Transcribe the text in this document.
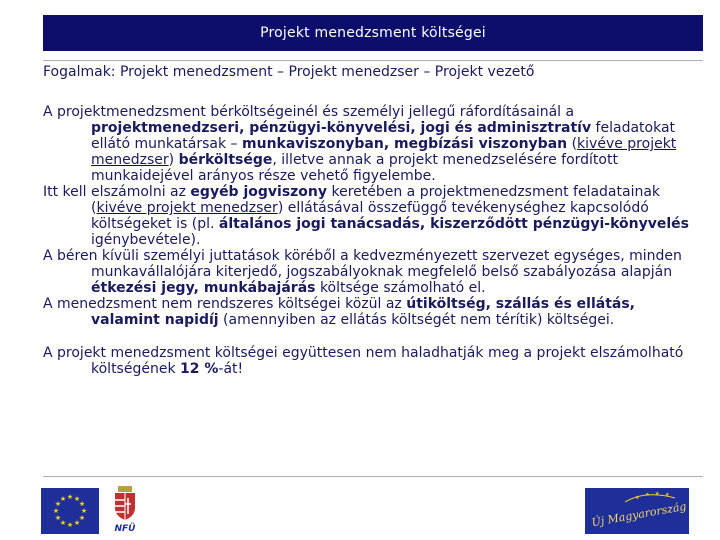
Projekt menedzsment költségei

Fogalmak: Projekt menedzsment – Projekt menedzser – Projekt vezető

A projektmenedzsment bérköltségeinél és személyi jellegű ráfordításainál a projektmenedzseri, pénzügyi-könyvelési, jogi és adminisztratív feladatokat ellátó munkatársak – munkaviszonyban, megbízási viszonyban (kivéve projekt menedzser) bérköltsége, illetve annak a projekt menedzselésére fordított munkaidejével arányos része vehető figyelembe.

Itt kell elszámolni az egyéb jogviszony keretében a projektmenedzsment feladatainak (kivéve projekt menedzser) ellátásával összefüggő tevékenységhez kapcsolódó költségeket is (pl. általános jogi tanácsadás, kiszerződött pénzügyi-könyvelés igénybevétele).

A béren kívüli személyi juttatások köréből a kedvezményezett szervezet egységes, minden munkavállalójára kiterjedő, jogszabályoknak megfelelő belső szabályozása alapján étkezési jegy, munkábajárás költsége számolható el.

A menedzsment nem rendszeres költségei közül az útiköltség, szállás és ellátás, valamint napidíj (amennyiben az ellátás költségét nem térítik) költségei.

A projekt menedzsment költségei együttesen nem haladhatják meg a projekt elszámolható költségének 12 %-át!

★ ★
★
★
★
★
★
★
★
★
★
★
NFÜ
★ ★ ★ ★
Új Magyarország
